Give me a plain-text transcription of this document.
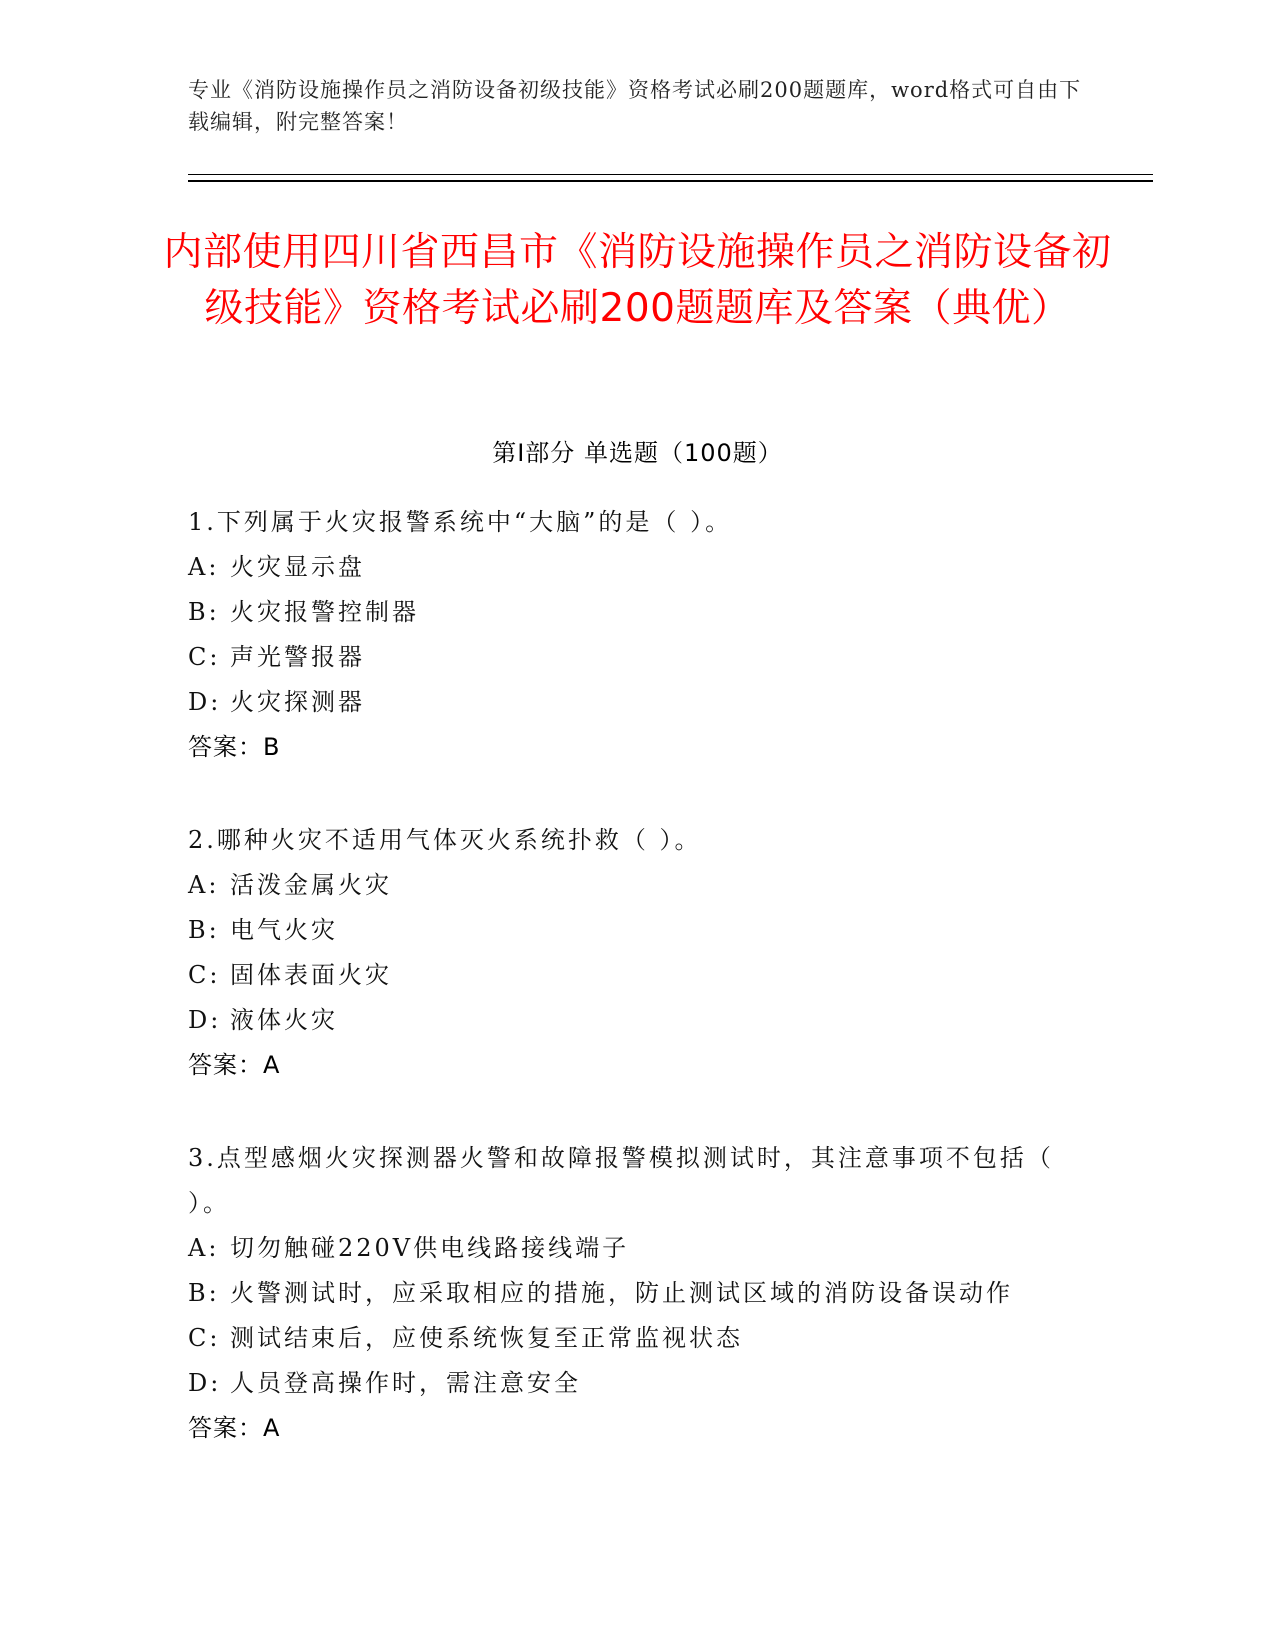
专业《消防设施操作员之消防设备初级技能》资格考试必刷200题题库，word格式可自由下载编辑，附完整答案！
内部使用四川省西昌市《消防设施操作员之消防设备初级技能》资格考试必刷200题题库及答案（典优）
第Ⅰ部分 单选题（100题）
1.下列属于火灾报警系统中“大脑”的是（ ）。
A: 火灾显示盘
B: 火灾报警控制器
C: 声光警报器
D: 火灾探测器
答案：B
2.哪种火灾不适用气体灭火系统扑救（ ）。
A: 活泼金属火灾
B: 电气火灾
C: 固体表面火灾
D: 液体火灾
答案：A
3.点型感烟火灾探测器火警和故障报警模拟测试时，其注意事项不包括（ ）。
A: 切勿触碰220V供电线路接线端子
B: 火警测试时，应采取相应的措施，防止测试区域的消防设备误动作
C: 测试结束后，应使系统恢复至正常监视状态
D: 人员登高操作时，需注意安全
答案：A
